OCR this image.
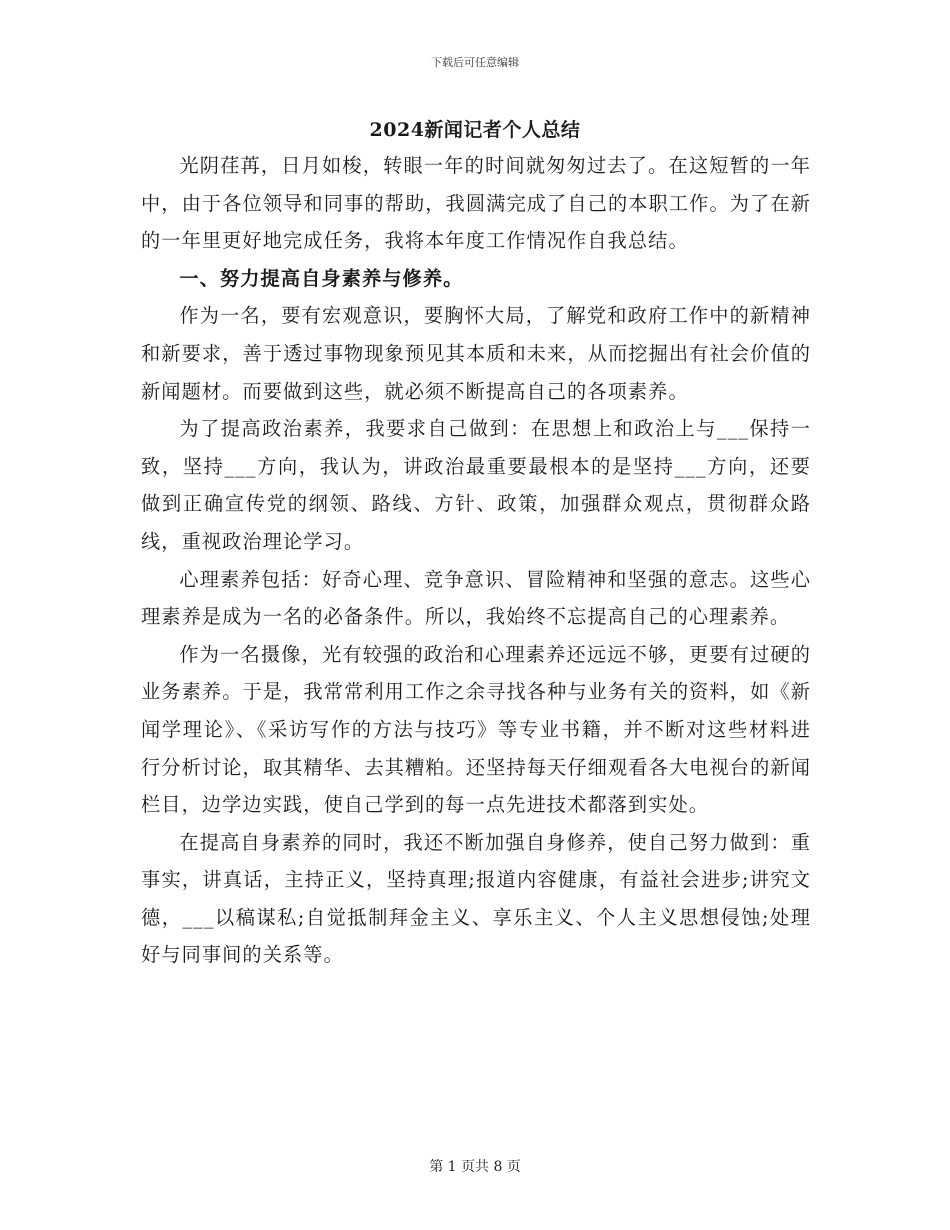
下载后可任意编辑
2024新闻记者个人总结

光阴荏苒，日月如梭，转眼一年的时间就匆匆过去了。在这短暂的一年中，由于各位领导和同事的帮助，我圆满完成了自己的本职工作。为了在新的一年里更好地完成任务，我将本年度工作情况作自我总结。

一、努力提高自身素养与修养。

作为一名，要有宏观意识，要胸怀大局，了解党和政府工作中的新精神和新要求，善于透过事物现象预见其本质和未来，从而挖掘出有社会价值的新闻题材。而要做到这些，就必须不断提高自己的各项素养。

为了提高政治素养，我要求自己做到：在思想上和政治上与___保持一致，坚持___方向，我认为，讲政治最重要最根本的是坚持___方向，还要做到正确宣传党的纲领、路线、方针、政策，加强群众观点，贯彻群众路线，重视政治理论学习。

心理素养包括：好奇心理、竞争意识、冒险精神和坚强的意志。这些心理素养是成为一名的必备条件。所以，我始终不忘提高自己的心理素养。

作为一名摄像，光有较强的政治和心理素养还远远不够，更要有过硬的业务素养。于是，我常常利用工作之余寻找各种与业务有关的资料，如《新闻学理论》、《采访写作的方法与技巧》等专业书籍，并不断对这些材料进行分析讨论，取其精华、去其糟粕。还坚持每天仔细观看各大电视台的新闻栏目，边学边实践，使自己学到的每一点先进技术都落到实处。

在提高自身素养的同时，我还不断加强自身修养，使自己努力做到：重事实，讲真话，主持正义，坚持真理;报道内容健康，有益社会进步;讲究文德，___以稿谋私;自觉抵制拜金主义、享乐主义、个人主义思想侵蚀;处理好与同事间的关系等。

第 1 页共 8 页
